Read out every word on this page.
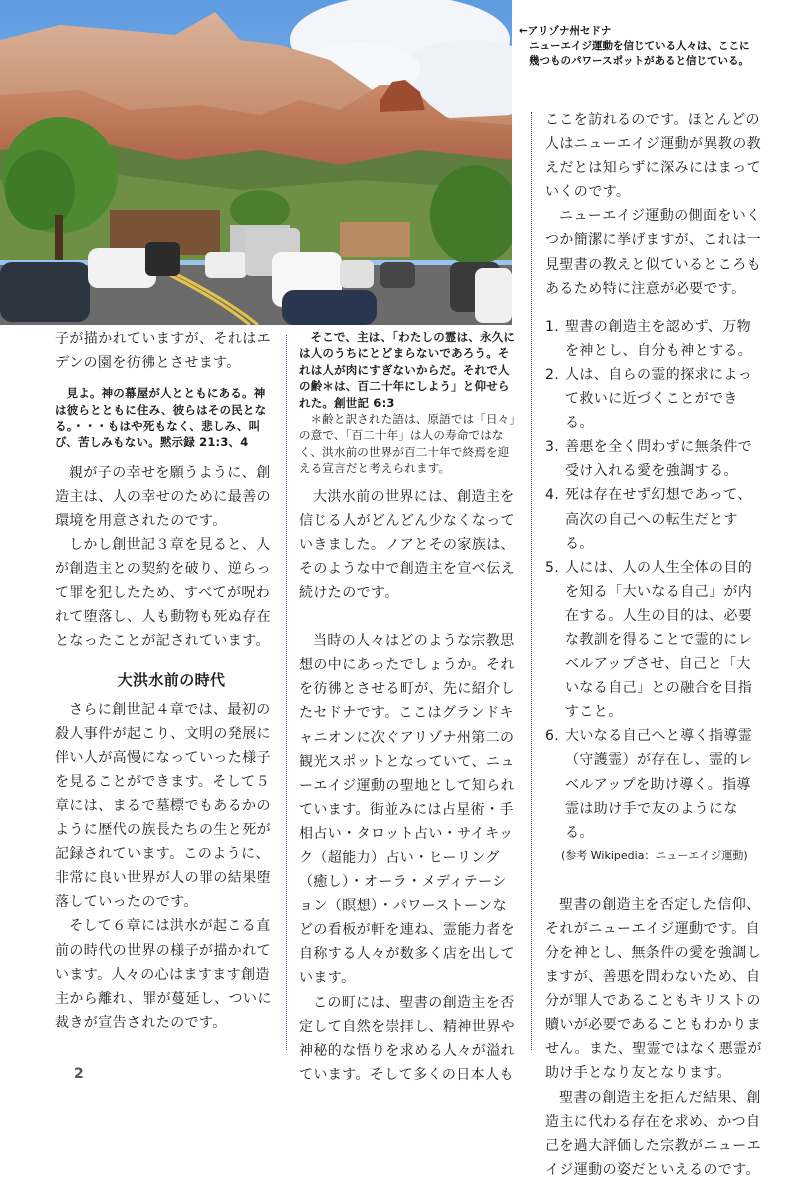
←アリゾナ州セドナ
ニューエイジ運動を信じている人々は、ここに
幾つものパワースポットがあると信じている。

子が描かれていますが、それはエデンの園を彷彿とさせます。

見よ。神の幕屋が人とともにある。神は彼らとともに住み、彼らはその民となる。・・・もはや死もなく、悲しみ、叫び、苦しみもない。黙示録 21:3、4

親が子の幸せを願うように、創造主は、人の幸せのために最善の環境を用意されたのです。

しかし創世記３章を見ると、人が創造主との契約を破り、逆らって罪を犯したため、すべてが呪われて堕落し、人も動物も死ぬ存在となったことが記されています。

大洪水前の時代

さらに創世記４章では、最初の殺人事件が起こり、文明の発展に伴い人が高慢になっていった様子を見ることができます。そして５章には、まるで墓標でもあるかのように歴代の族長たちの生と死が記録されています。このように、非常に良い世界が人の罪の結果堕落していったのです。

そして６章には洪水が起こる直前の時代の世界の様子が描かれています。人々の心はますます創造主から離れ、罪が蔓延し、ついに裁きが宣告されたのです。

そこで、主は、「わたしの霊は、永久には人のうちにとどまらないであろう。それは人が肉にすぎないからだ。それで人の齢＊は、百二十年にしよう」と仰せられた。創世記 6:3

＊齢と訳された語は、原語では「日々」の意で、「百二十年」は人の寿命ではなく、洪水前の世界が百二十年で終焉を迎える宣言だと考えられます。

大洪水前の世界には、創造主を信じる人がどんどん少なくなっていきました。ノアとその家族は、そのような中で創造主を宣べ伝え続けたのです。

当時の人々はどのような宗教思想の中にあったでしょうか。それを彷彿とさせる町が、先に紹介したセドナです。ここはグランドキャニオンに次ぐアリゾナ州第二の観光スポットとなっていて、ニューエイジ運動の聖地として知られています。街並みには占星術・手相占い・タロット占い・サイキック（超能力）占い・ヒーリング（癒し）・オーラ・メディテーション（瞑想）・パワーストーンなどの看板が軒を連ね、霊能力者を自称する人々が数多く店を出しています。

この町には、聖書の創造主を否定して自然を崇拝し、精神世界や神秘的な悟りを求める人々が溢れています。そして多くの日本人も

ここを訪れるのです。ほとんどの人はニューエイジ運動が異教の教えだとは知らずに深みにはまっていくのです。

ニューエイジ運動の側面をいくつか簡潔に挙げますが、これは一見聖書の教えと似ているところもあるため特に注意が必要です。

1. 聖書の創造主を認めず、万物を神とし、自分も神とする。
2. 人は、自らの霊的探求によって救いに近づくことができる。
3. 善悪を全く問わずに無条件で受け入れる愛を強調する。
4. 死は存在せず幻想であって、高次の自己への転生だとする。
5. 人には、人の人生全体の目的を知る「大いなる自己」が内在する。人生の目的は、必要な教訓を得ることで霊的にレベルアップさせ、自己と「大いなる自己」との融合を目指すこと。
6. 大いなる自己へと導く指導霊（守護霊）が存在し、霊的レベルアップを助け導く。指導霊は助け手で友のようになる。
(参考 Wikipedia：ニューエイジ運動)

聖書の創造主を否定した信仰、それがニューエイジ運動です。自分を神とし、無条件の愛を強調しますが、善悪を問わないため、自分が罪人であることもキリストの贖いが必要であることもわかりません。また、聖霊ではなく悪霊が助け手となり友となります。

聖書の創造主を拒んだ結果、創造主に代わる存在を求め、かつ自己を過大評価した宗教がニューエイジ運動の姿だといえるのです。

2
